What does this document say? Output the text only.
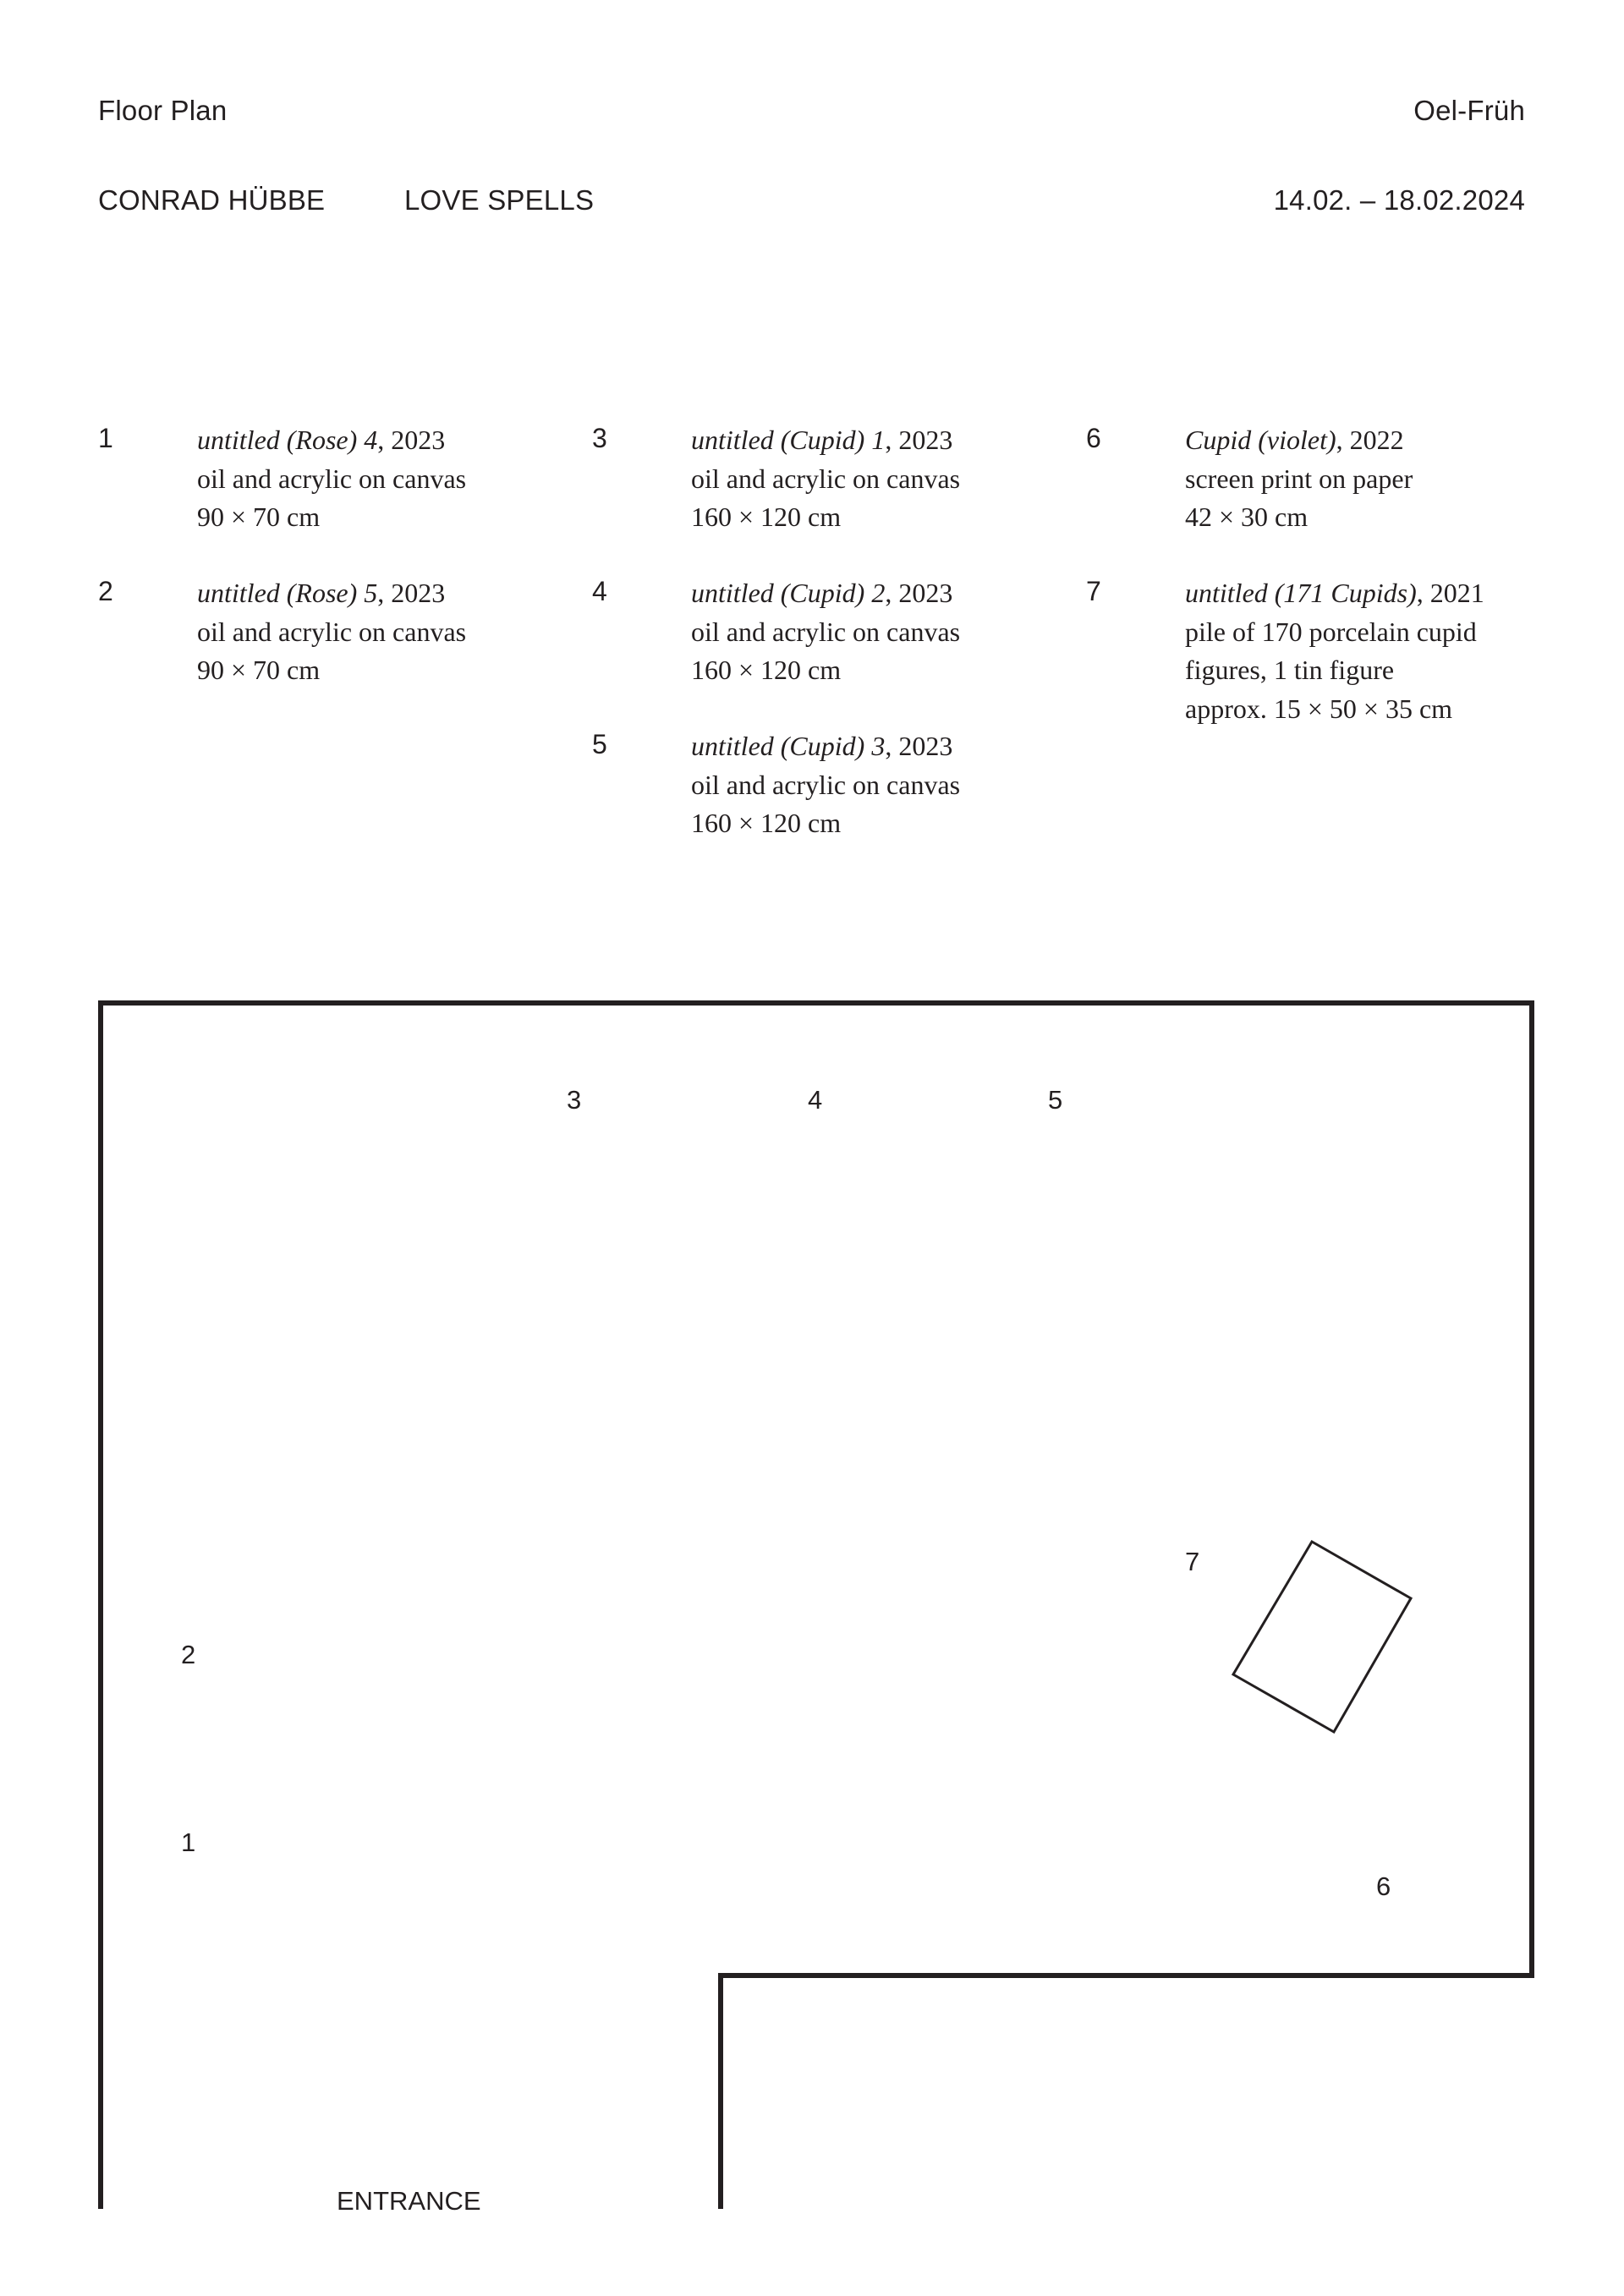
Floor Plan	Oel-Früh
CONRAD HÜBBE	LOVE SPELLS	14.02. – 18.02.2024
1	untitled (Rose) 4, 2023
oil and acrylic on canvas
90 × 70 cm
2	untitled (Rose) 5, 2023
oil and acrylic on canvas
90 × 70 cm
3	untitled (Cupid) 1, 2023
oil and acrylic on canvas
160 × 120 cm
4	untitled (Cupid) 2, 2023
oil and acrylic on canvas
160 × 120 cm
5	untitled (Cupid) 3, 2023
oil and acrylic on canvas
160 × 120 cm
6	Cupid (violet), 2022
screen print on paper
42 × 30 cm
7	untitled (171 Cupids), 2021
pile of 170 porcelain cupid
figures, 1 tin figure
approx. 15 × 50 × 35 cm
3	4	5
7
2
1
6
ENTRANCE
